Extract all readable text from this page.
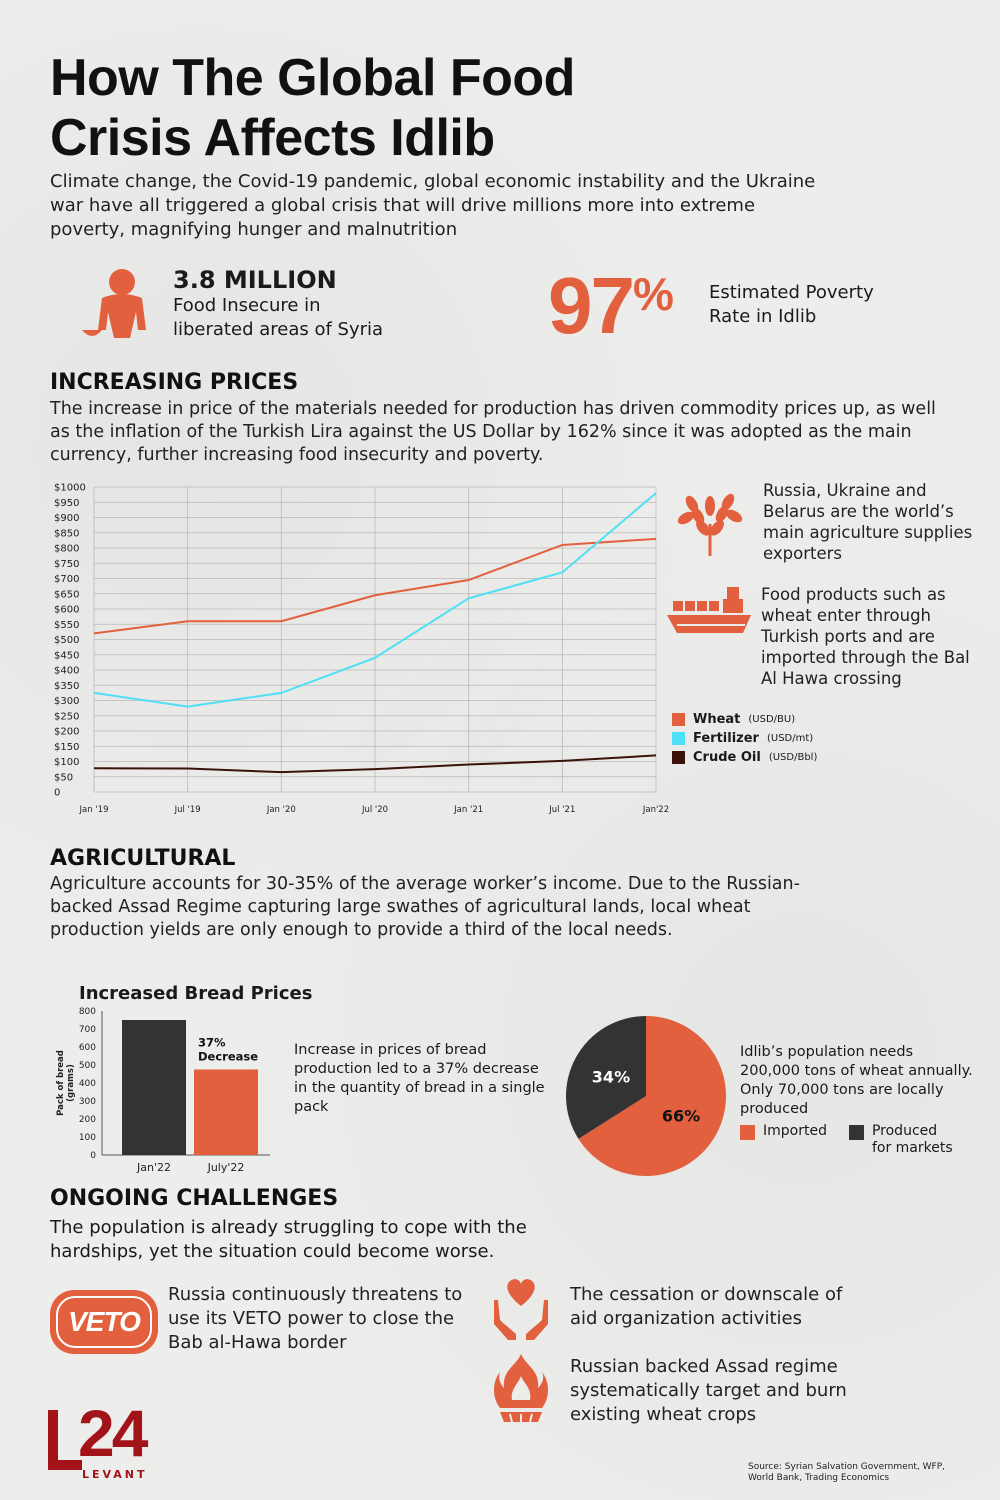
How The Global Food
Crisis Affects Idlib
Climate change, the Covid-19 pandemic, global economic instability and the Ukraine war have all triggered a global crisis that will drive millions more into extreme poverty, magnifying hunger and malnutrition
3.8 MILLION
Food Insecure in
liberated areas of Syria 97% Estimated Poverty
Rate in Idlib
INCREASING PRICES
The increase in price of the materials needed for production has driven commodity prices up, as well as the inflation of the Turkish Lira against the US Dollar by 162% since it was adopted as the main currency, further increasing food insecurity and poverty.
0
$50
$100
$150
$200
$250
$300
$350
$400
$450
$500
$550
$600
$650
$700
$750
$800
$850
$900
$950
$1000
Jan '19	Jul '19	Jan '20	Jul '20	Jan '21	Jul '21	Jan'22
Russia, Ukraine and Belarus are the world’s main agriculture supplies exporters
Food products such as wheat enter through Turkish ports and are imported through the Bal Al Hawa crossing
Wheat (USD/BU)
Fertilizer (USD/mt)
Crude Oil (USD/Bbl)
AGRICULTURAL
Agriculture accounts for 30-35% of the average worker’s income. Due to the Russian-backed Assad Regime capturing large swathes of agricultural lands, local wheat production yields are only enough to provide a third of the local needs.
Increased Bread Prices
0
100
200
300
400
500
600
700
800
Pack of bread(grams)
Jan'22	July'22
37%
Decrease Increase in prices of bread production led to a 37% decrease in the quantity of bread in a single pack	66%
34%
Idlib’s population needs 200,000 tons of wheat annually. Only 70,000 tons are locally produced
Imported	Produced
for markets
ONGOING CHALLENGES
The population is already struggling to cope with the hardships, yet the situation could become worse.
VETO
Russia continuously threatens to use its VETO power to close the Bab al-Hawa border
The cessation or downscale of aid organization activities
Russian backed Assad regime systematically target and burn existing wheat crops
24
LEVANT
Source: Syrian Salvation Government, WFP,
World Bank, Trading Economics
